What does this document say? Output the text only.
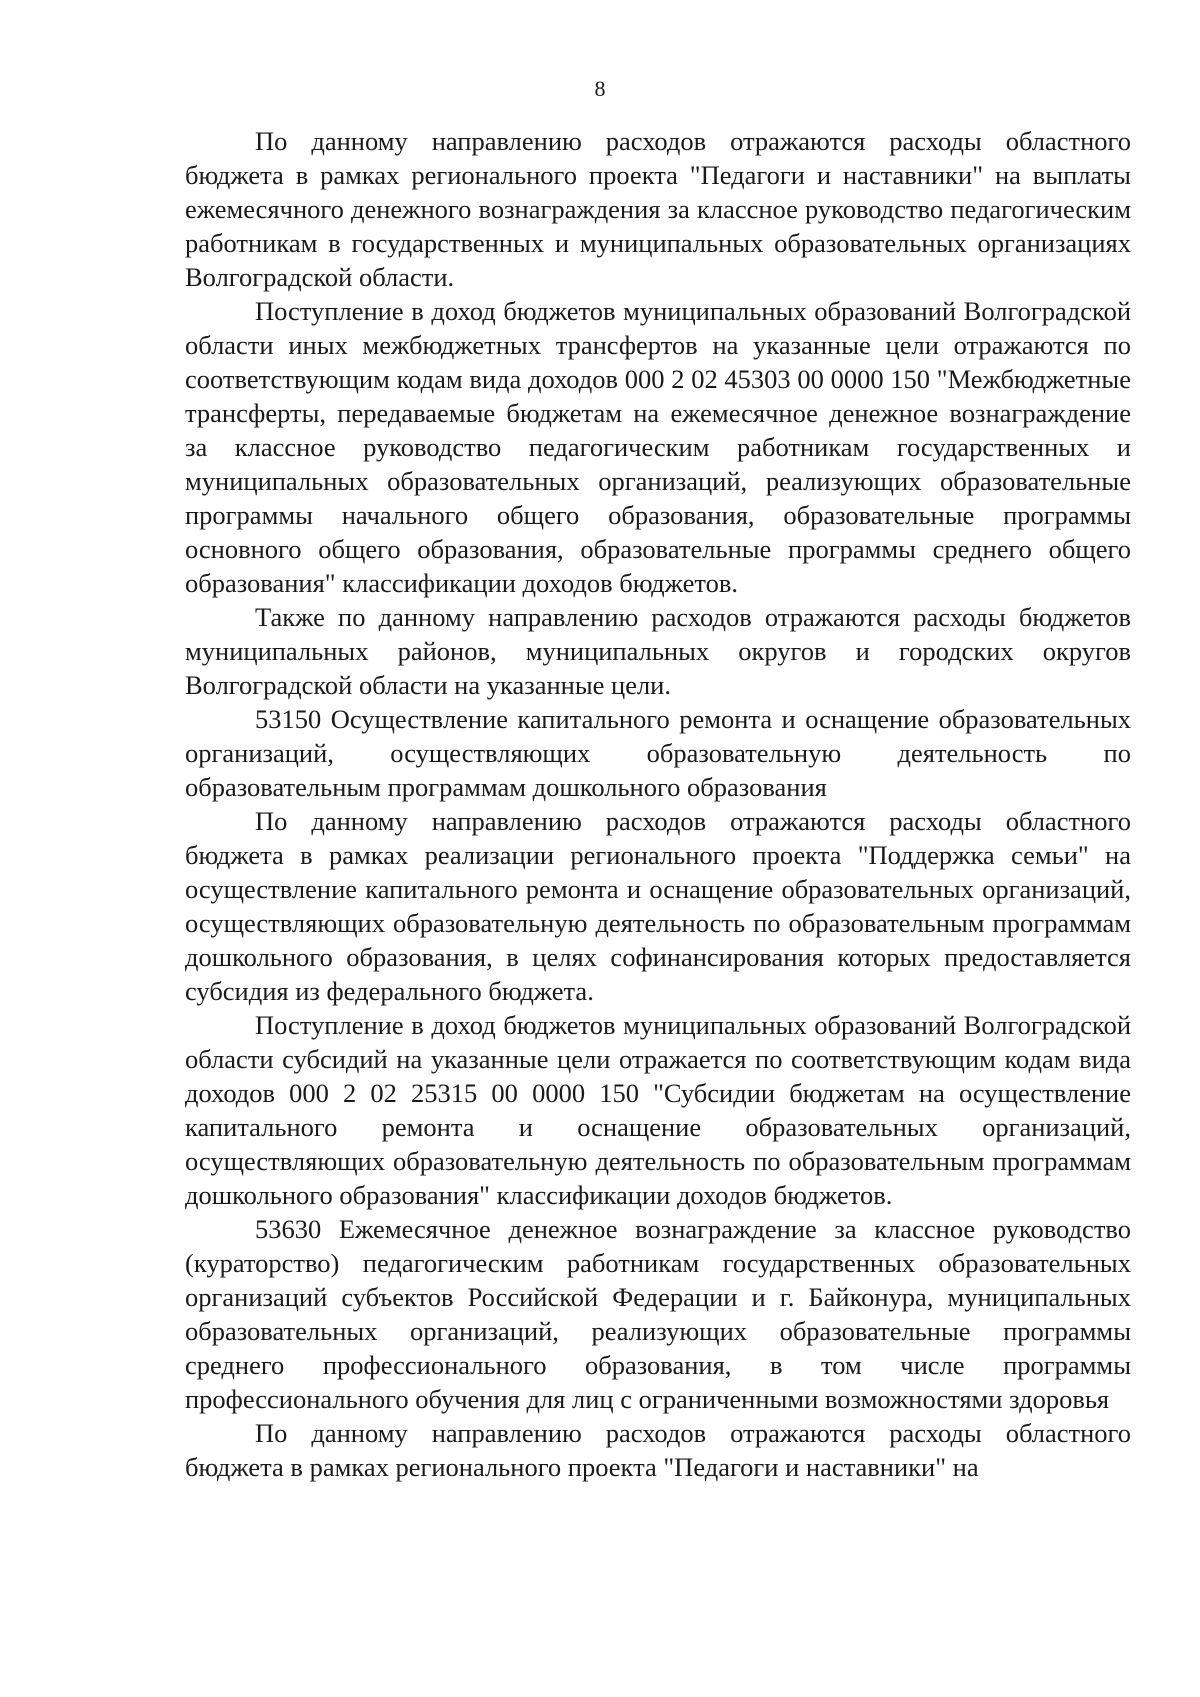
8

По данному направлению расходов отражаются расходы областного бюджета в рамках регионального проекта "Педагоги и наставники" на выплаты ежемесячного денежного вознаграждения за классное руководство педагогическим работникам в государственных и муниципальных образовательных организациях Волгоградской области.

Поступление в доход бюджетов муниципальных образований Волгоградской области иных межбюджетных трансфертов на указанные цели отражаются по соответствующим кодам вида доходов 000 2 02 45303 00 0000 150 "Межбюджетные трансферты, передаваемые бюджетам на ежемесячное денежное вознаграждение за классное руководство педагогическим работникам государственных и муниципальных образовательных организаций, реализующих образовательные программы начального общего образования, образовательные программы основного общего образования, образовательные программы среднего общего образования" классификации доходов бюджетов.

Также по данному направлению расходов отражаются расходы бюджетов муниципальных районов, муниципальных округов и городских округов Волгоградской области на указанные цели.

53150 Осуществление капитального ремонта и оснащение образовательных организаций, осуществляющих образовательную деятельность по образовательным программам дошкольного образования

По данному направлению расходов отражаются расходы областного бюджета в рамках реализации регионального проекта "Поддержка семьи" на осуществление капитального ремонта и оснащение образовательных организаций, осуществляющих образовательную деятельность по образовательным программам дошкольного образования, в целях софинансирования которых предоставляется субсидия из федерального бюджета.

Поступление в доход бюджетов муниципальных образований Волгоградской области субсидий на указанные цели отражается по соответствующим кодам вида доходов 000 2 02 25315 00 0000 150 "Субсидии бюджетам на осуществление капитального ремонта и оснащение образовательных организаций, осуществляющих образовательную деятельность по образовательным программам дошкольного образования" классификации доходов бюджетов.

53630 Ежемесячное денежное вознаграждение за классное руководство (кураторство) педагогическим работникам государственных образовательных организаций субъектов Российской Федерации и г. Байконура, муниципальных образовательных организаций, реализующих образовательные программы среднего профессионального образования, в том числе программы профессионального обучения для лиц с ограниченными возможностями здоровья

По данному направлению расходов отражаются расходы областного бюджета в рамках регионального проекта "Педагоги и наставники" на
